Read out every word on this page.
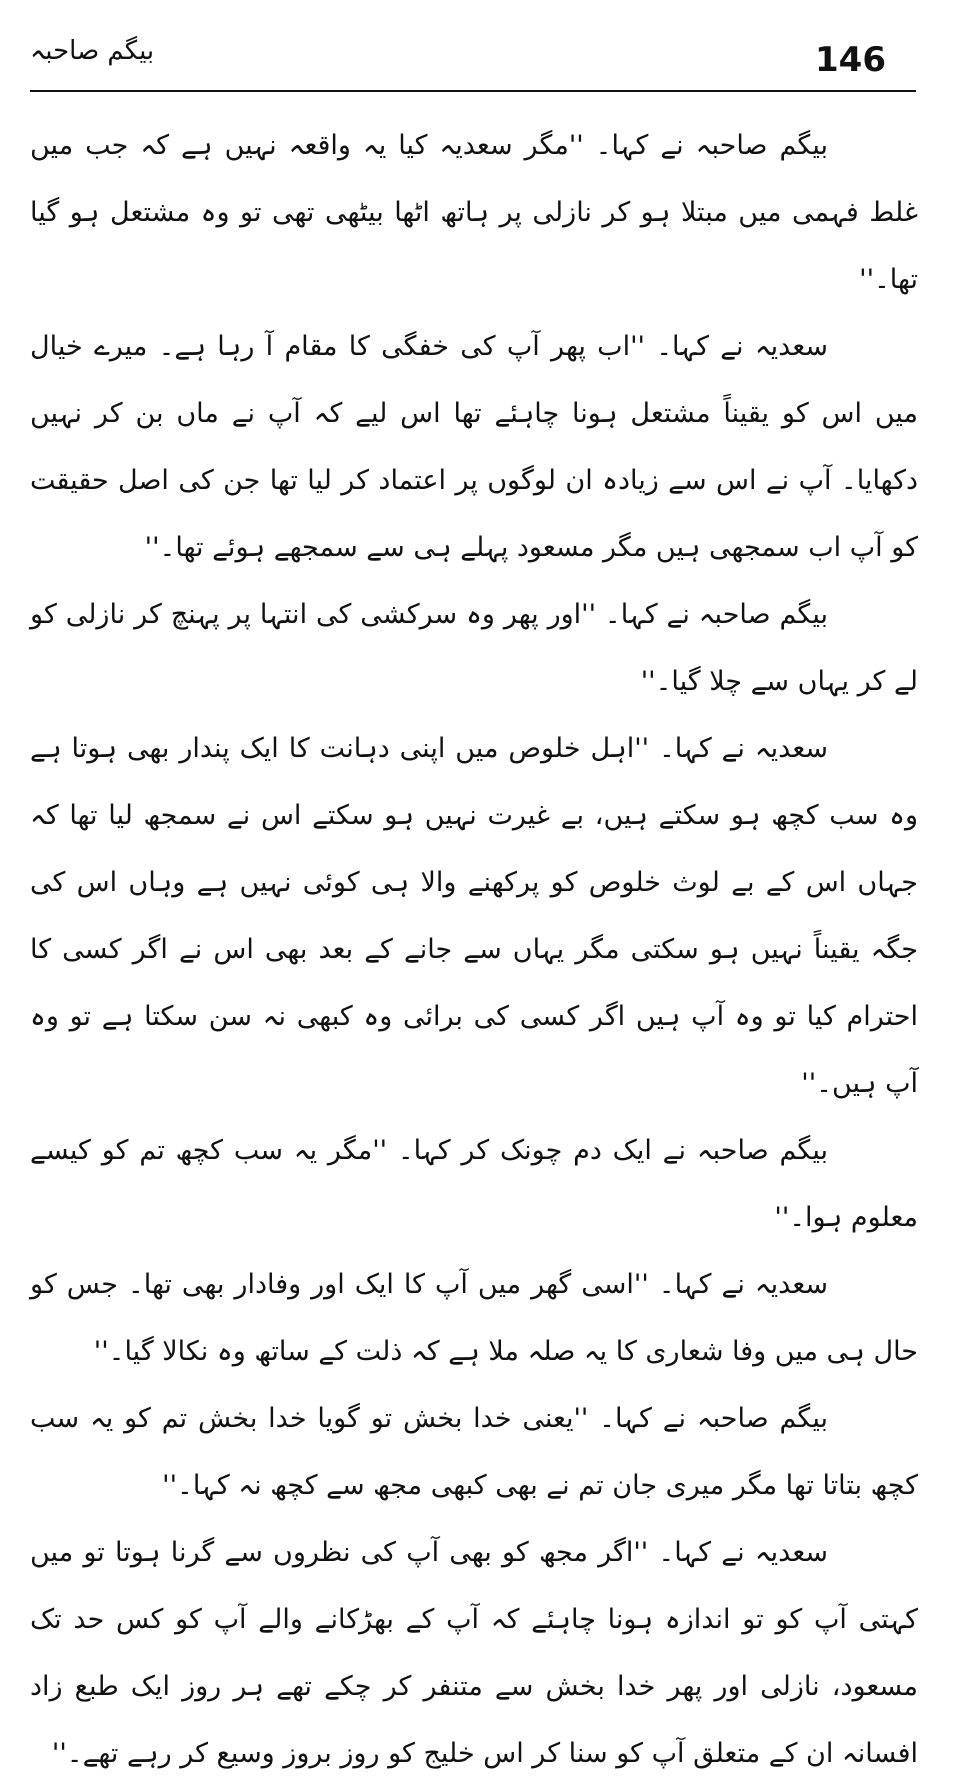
بیگم صاحبہ	146

بیگم صاحبہ نے کہا۔ ''مگر سعدیہ کیا یہ واقعہ نہیں ہے کہ جب میں غلط فہمی میں مبتلا ہو کر نازلی پر ہاتھ اٹھا بیٹھی تھی تو وہ مشتعل ہو گیا تھا۔''

سعدیہ نے کہا۔ ''اب پھر آپ کی خفگی کا مقام آ رہا ہے۔ میرے خیال میں اس کو یقیناً مشتعل ہونا چاہئے تھا اس لیے کہ آپ نے ماں بن کر نہیں دکھایا۔ آپ نے اس سے زیادہ ان لوگوں پر اعتماد کر لیا تھا جن کی اصل حقیقت کو آپ اب سمجھی ہیں مگر مسعود پہلے ہی سے سمجھے ہوئے تھا۔''

بیگم صاحبہ نے کہا۔ ''اور پھر وہ سرکشی کی انتہا پر پہنچ کر نازلی کو لے کر یہاں سے چلا گیا۔''

سعدیہ نے کہا۔ ''اہل خلوص میں اپنی دہانت کا ایک پندار بھی ہوتا ہے وہ سب کچھ ہو سکتے ہیں، بے غیرت نہیں ہو سکتے اس نے سمجھ لیا تھا کہ جہاں اس کے بے لوث خلوص کو پرکھنے والا ہی کوئی نہیں ہے وہاں اس کی جگہ یقیناً نہیں ہو سکتی مگر یہاں سے جانے کے بعد بھی اس نے اگر کسی کا احترام کیا تو وہ آپ ہیں اگر کسی کی برائی وہ کبھی نہ سن سکتا ہے تو وہ آپ ہیں۔''

بیگم صاحبہ نے ایک دم چونک کر کہا۔ ''مگر یہ سب کچھ تم کو کیسے معلوم ہوا۔''

سعدیہ نے کہا۔ ''اسی گھر میں آپ کا ایک اور وفادار بھی تھا۔ جس کو حال ہی میں وفا شعاری کا یہ صلہ ملا ہے کہ ذلت کے ساتھ وہ نکالا گیا۔''

بیگم صاحبہ نے کہا۔ ''یعنی خدا بخش تو گویا خدا بخش تم کو یہ سب کچھ بتاتا تھا مگر میری جان تم نے بھی کبھی مجھ سے کچھ نہ کہا۔''

سعدیہ نے کہا۔ ''اگر مجھ کو بھی آپ کی نظروں سے گرنا ہوتا تو میں کہتی آپ کو تو اندازہ ہونا چاہئے کہ آپ کے بھڑکانے والے آپ کو کس حد تک مسعود، نازلی اور پھر خدا بخش سے متنفر کر چکے تھے ہر روز ایک طبع زاد افسانہ ان کے متعلق آپ کو سنا کر اس خلیج کو روز بروز وسیع کر رہے تھے۔''
